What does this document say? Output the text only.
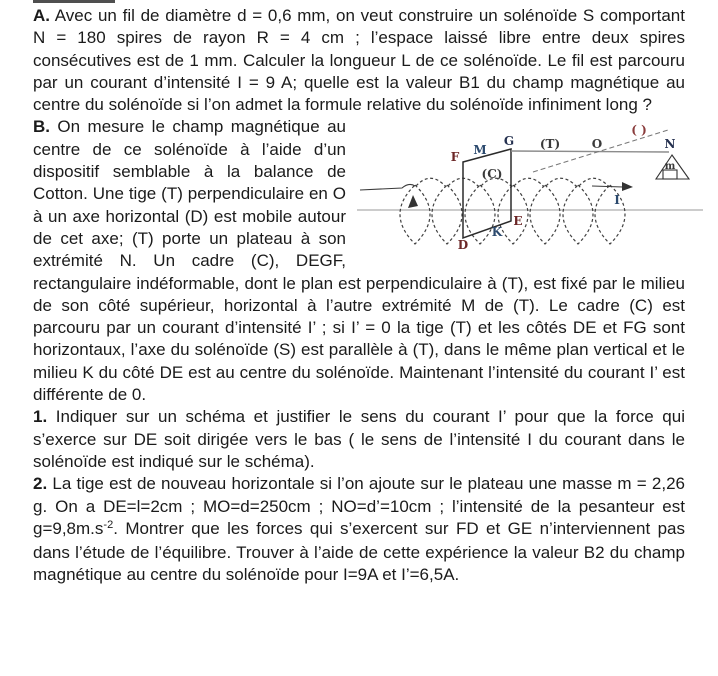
A. Avec un fil de diamètre d = 0,6 mm, on veut construire un solénoïde S comportant N = 180 spires de rayon R = 4 cm ; l’espace laissé libre entre deux spires consécutives est de 1 mm. Calculer la longueur L de ce solénoïde. Le fil est parcouru par un courant d’intensité I = 9 A; quelle est la valeur B1 du champ magnétique au centre du solénoïde si l’on admet la formule relative du solénoïde infiniment long ?

F M
G
(C)
(T)	O	N
( )
D
E
K
I
m
B. On mesure le champ magnétique au centre de ce solénoïde à l’aide d’un dispositif semblable à la balance de Cotton. Une tige (T) perpendiculaire en O à un axe horizontal (D) est mobile autour de cet axe; (T) porte un plateau à son extrémité N. Un cadre (C), DEGF, rectangulaire indéformable, dont le plan est perpendiculaire à (T), est fixé par le milieu de son côté supérieur, horizontal à l’autre extrémité M de (T). Le cadre (C) est parcouru par un courant d’intensité I’ ; si I’ = 0 la tige (T) et les côtés DE et FG sont horizontaux, l’axe du solénoïde (S) est parallèle à (T), dans le même plan vertical et le milieu K du côté DE est au centre du solénoïde. Maintenant l’intensité du courant I’ est différente de 0.

1. Indiquer sur un schéma et justifier le sens du courant I’ pour que la force qui s’exerce sur DE soit dirigée vers le bas ( le sens de l’intensité I du courant dans le solénoïde est indiqué sur le schéma).

2. La tige est de nouveau horizontale si l’on ajoute sur le plateau une masse m = 2,26 g. On a DE=l=2cm ; MO=d=250cm ; NO=d’=10cm ; l’intensité de la pesanteur est $g=9,8m.s^{-2}$. Montrer que les forces qui s’exercent sur FD et GE n’interviennent pas dans l’étude de l’équilibre. Trouver à l’aide de cette expérience la valeur B2 du champ magnétique au centre du solénoïde pour I=9A et I’=6,5A.
